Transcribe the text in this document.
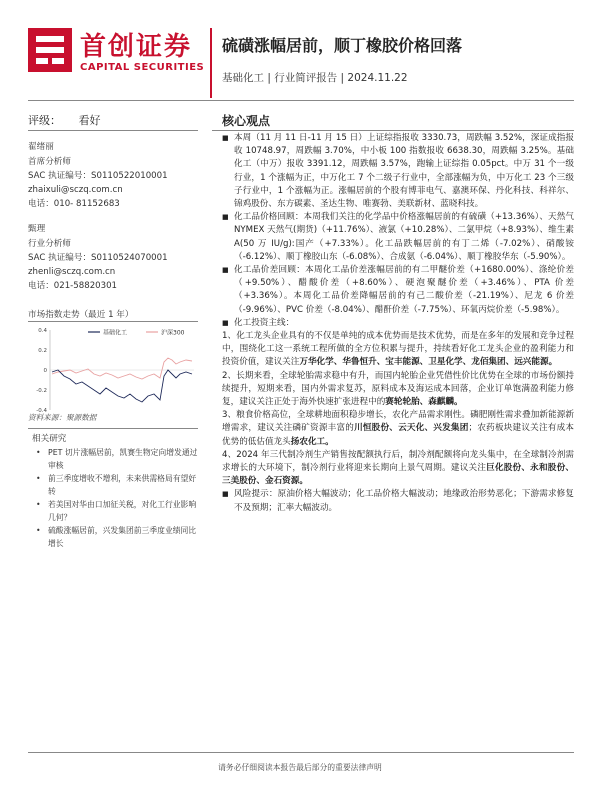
首创证券
CAPITAL SECURITIES
硫磺涨幅居前，顺丁橡胶价格回落
基础化工 | 行业简评报告 | 2024.11.22
评级： 看好	核心观点
翟绪丽
首席分析师
SAC 执证编号：S0110522010001
zhaixuli@sczq.com.cn
电话：010- 81152683
甄理
行业分析师
SAC 执证编号：S0110524070001
zhenli@sczq.com.cn
电话：021-58820301
市场指数走势（最近 1 年）
0.4
0.2
0
-0.2
-0.4
基础化工	沪深300
资料来源：聚源数据
相关研究
• PET 切片涨幅居前，凯赛生物定向增发通过审核
• 前三季度增收不增利，未来供需格局有望好转
• 若美国对华由口加征关税，对化工行业影响几何？
• 硫酸涨幅居前，兴发集团前三季度业绩同比增长
■ 本周（11 月 11 日-11 月 15 日）上证综指报收 3330.73，周跌幅 3.52%，深证成指报收 10748.97，周跌幅 3.70%，中小板 100 指数报收 6638.30，周跌幅 3.25%。基础化工（中万）报收 3391.12，周跌幅 3.57%，跑输上证综指 0.05pct。中万 31 个一级行业，1 个涨幅为正，中万化工 7 个二级子行业中，全部涨幅为负，中万化工 23 个三级子行业中，1 个涨幅为正。涨幅居前的个股有博菲电气、嘉澳环保、丹化科技、科祥尔、锦鸡股份、东方碳素、圣达生物、唯赛勃、美联新材、蓝晓科技。
■ 化工品价格回顾：本周我们关注的化学品中价格涨幅居前的有硫磺（+13.36%）、天然气 NYMEX 天然气(期货)（+11.76%）、液氯（+10.28%）、二氯甲烷（+8.93%）、维生素 A(50 万 IU/g):国产（+7.33%）。化工品跌幅居前的有丁二烯（-7.02%）、硝酸铵（-6.12%）、顺丁橡胶山东（-6.08%）、合成氨（-6.04%）、顺丁橡胶华东（-5.90%）。
■ 化工品价差回顾：本周化工品价差涨幅居前的有二甲醚价差（+1680.00%）、涤纶价差（+9.50%）、醋酸价差（+8.60%）、硬泡聚醚价差（+3.46%）、PTA 价差（+3.36%）。本周化工品价差降幅居前的有己二酸价差（-21.19%）、尼龙 6 价差（-9.96%）、PVC 价差（-8.04%）、醋酐价差（-7.75%）、环氧丙烷价差（-5.98%）。
■ 化工投资主线：
1、化工龙头企业具有的不仅是单纯的成本优势而是技术优势，而是在多年的发展和竞争过程中，围绕化工这一系统工程所做的全方位积累与提升，持续看好化工龙头企业的盈利能力和投资价值，建议关注万华化学、华鲁恒升、宝丰能源、卫星化学、龙佰集团、远兴能源。
2、长期来看，全球轮胎需求稳中有升，而国内轮胎企业凭借性价比优势在全球的市场份额持续提升，短期来看，国内外需求复苏，原料成本及海运成本回落，企业订单饱满盈利能力修复，建议关注正处于海外快速扩张进程中的赛轮轮胎、森麒麟。
3、粮食价格高位，全球耕地面积稳步增长，农化产品需求刚性。磷肥刚性需求叠加新能源新增需求，建议关注磷矿资源丰富的川恒股份、云天化、兴发集团；农药板块建议关注有成本优势的低估值龙头扬农化工。
4、2024 年三代制冷剂生产销售按配额执行后，制冷剂配额将向龙头集中，在全球制冷剂需求增长的大环境下，制冷剂行业将迎来长期向上景气周期。建议关注巨化股份、永和股份、三美股份、金石资源。
■ 风险提示：原油价格大幅波动；化工品价格大幅波动；地缘政治形势恶化；下游需求修复不及预期；汇率大幅波动。
请务必仔细阅读本报告最后部分的重要法律声明
